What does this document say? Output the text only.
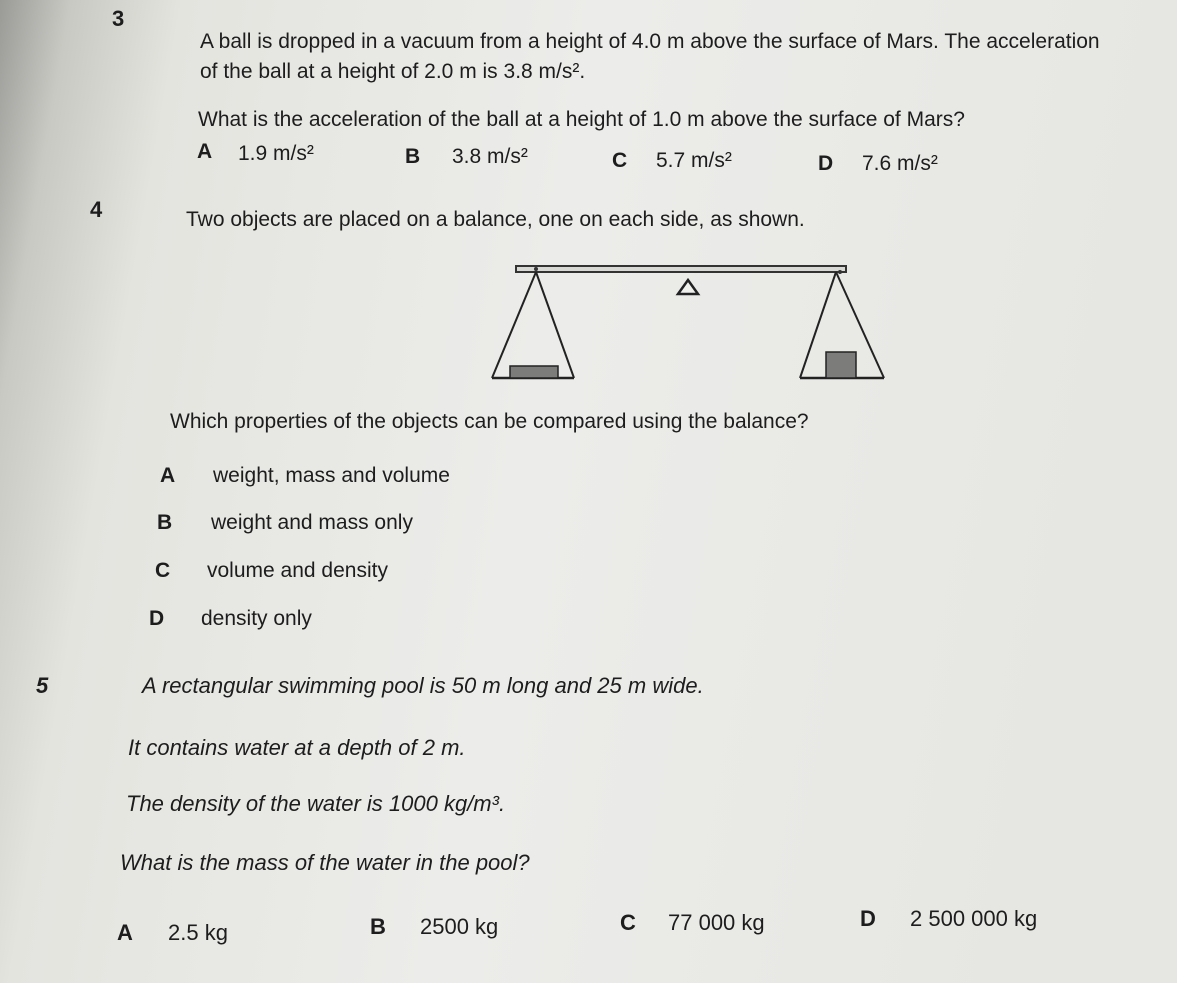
3
A ball is dropped in a vacuum from a height of 4.0 m above the surface of Mars. The acceleration
of the ball at a height of 2.0 m is 3.8 m/s².
What is the acceleration of the ball at a height of 1.0 m above the surface of Mars?
A 1.9 m/s²	B 3.8 m/s²	C 5.7 m/s²	D 7.6 m/s²
4	Two objects are placed on a balance, one on each side, as shown.
Which properties of the objects can be compared using the balance?
A weight, mass and volume
B weight and mass only
C volume and density
D density only
5	A rectangular swimming pool is 50 m long and 25 m wide.
It contains water at a depth of 2 m.
The density of the water is 1000 kg/m³.
What is the mass of the water in the pool?
A 2.5 kg	B 2500 kg	C 77 000 kg	D 2 500 000 kg
